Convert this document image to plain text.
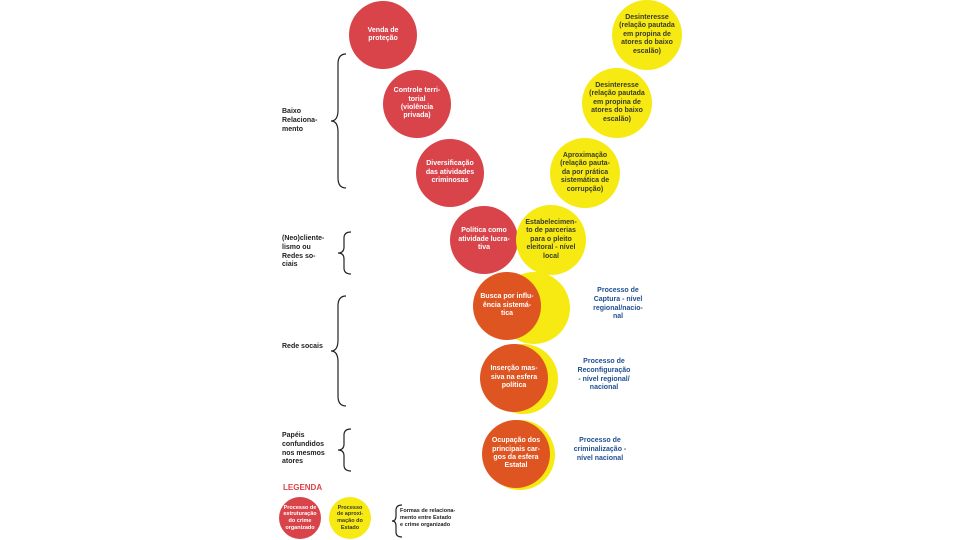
Venda de proteção
Controle terri-
torial
(violência privada)
Diversificação
das atividades
criminosas
Política como
atividade lucra-
tiva
Desinteresse
(relação pautada
em propina de
atores do baixo
escalão)
Desinteresse
(relação pautada
em propina de
atores do baixo
escalão)
Aproximação
(relação pauta-
da por prática
sistemática de
corrupção)
Estabelecimen-
to de parcerias
para o pleito
eleitoral - nível
local
Busca por influ-
ência sistemá-
tica
Inserção mas-
siva na esfera
política
Ocupação dos
principais car-
gos da esfera
Estatal
Processo de
Captura - nível
regional/nacio-
nal
Processo de
Reconfiguração
- nível regional/
nacional
Processo de
criminalização -
nível nacional
Baixo
Relaciona-
mento
(Neo)cliente-
lismo ou
Redes so-
ciais
Rede socais
Papéis
confundidos
nos mesmos
atores
LEGENDA
Processo de
estruturação
do crime
organizado
Processo
de aproxi-
mação do
Estado
Formas de relaciona-
mento entre Estado
e crime organizado
